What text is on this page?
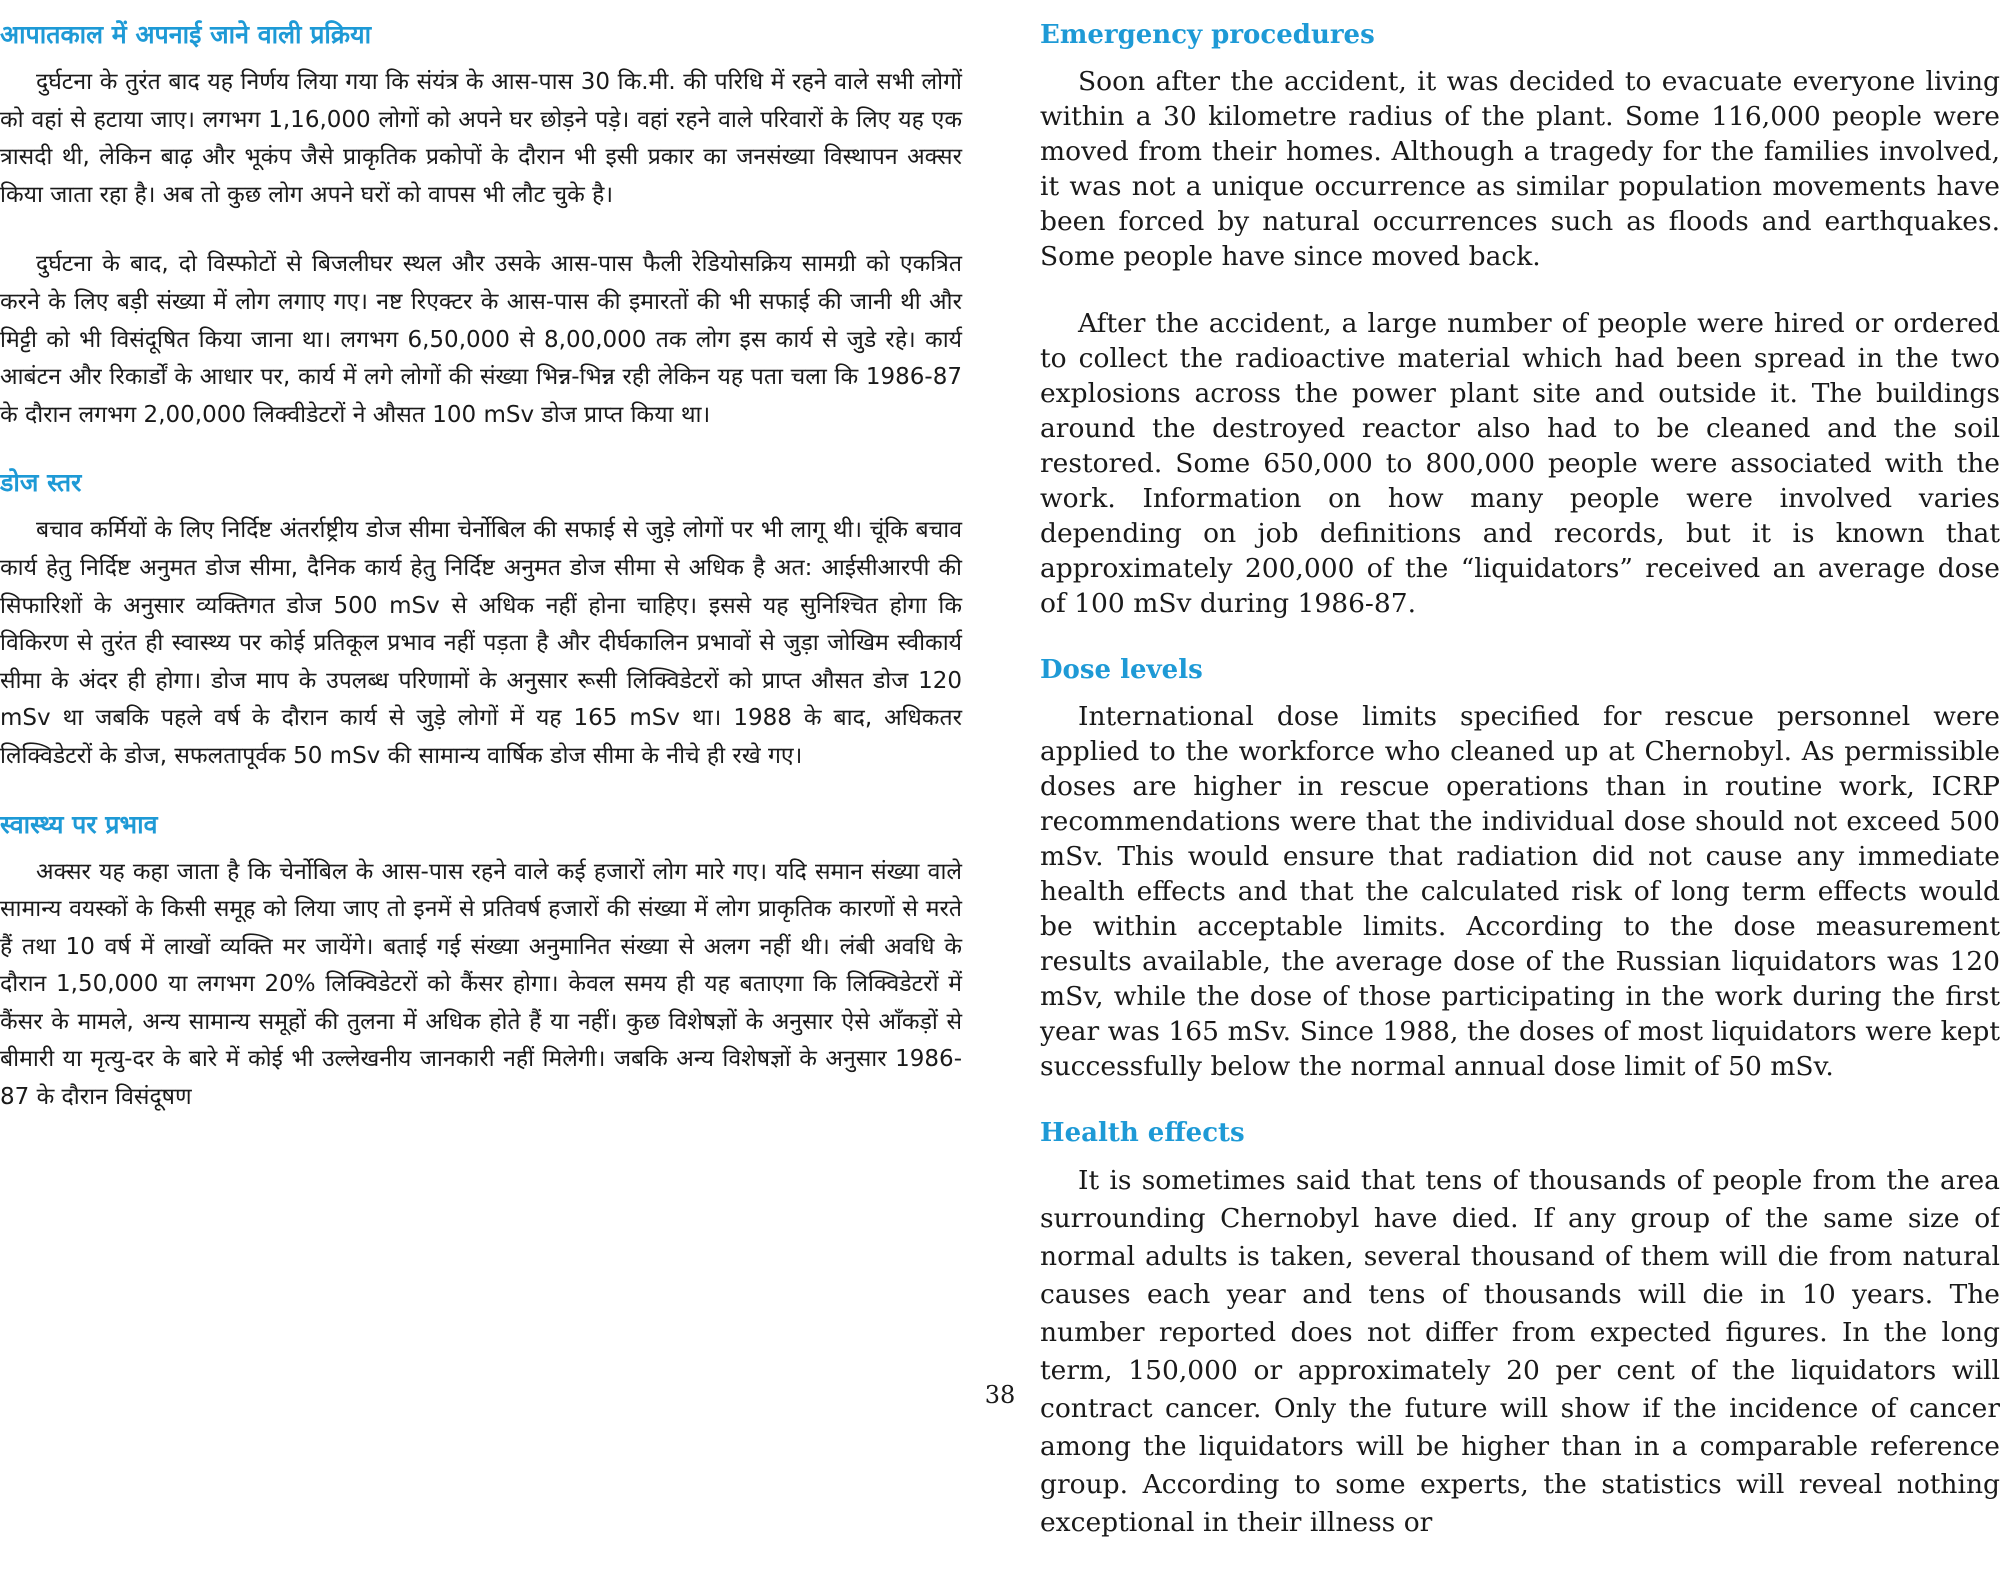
आपातकाल में अपनाई जाने वाली प्रक्रिया

दुर्घटना के तुरंत बाद यह निर्णय लिया गया कि संयंत्र के आस-पास 30 कि.मी. की परिधि में रहने वाले सभी लोगों को वहां से हटाया जाए। लगभग 1,16,000 लोगों को अपने घर छोड़ने पड़े। वहां रहने वाले परिवारों के लिए यह एक त्रासदी थी, लेकिन बाढ़ और भूकंप जैसे प्राकृतिक प्रकोपों के दौरान भी इसी प्रकार का जनसंख्या विस्थापन अक्सर किया जाता रहा है। अब तो कुछ लोग अपने घरों को वापस भी लौट चुके है।

दुर्घटना के बाद, दो विस्फोटों से बिजलीघर स्थल और उसके आस-पास फैली रेडियोसक्रिय सामग्री को एकत्रित करने के लिए बड़ी संख्या में लोग लगाए गए। नष्ट रिएक्टर के आस-पास की इमारतों की भी सफाई की जानी थी और मिट्टी को भी विसंदूषित किया जाना था। लगभग 6,50,000 से 8,00,000 तक लोग इस कार्य से जुडे रहे। कार्य आबंटन और रिकार्डों के आधार पर, कार्य में लगे लोगों की संख्या भिन्न-भिन्न रही लेकिन यह पता चला कि 1986-87 के दौरान लगभग 2,00,000 लिक्वीडेटरों ने औसत 100 mSv डोज प्राप्त किया था।

डोज स्तर

बचाव कर्मियों के लिए निर्दिष्ट अंतर्राष्ट्रीय डोज सीमा चेर्नोबिल की सफाई से जुड़े लोगों पर भी लागू थी। चूंकि बचाव कार्य हेतु निर्दिष्ट अनुमत डोज सीमा, दैनिक कार्य हेतु निर्दिष्ट अनुमत डोज सीमा से अधिक है अत: आईसीआरपी की सिफारिशों के अनुसार व्यक्तिगत डोज 500 mSv से अधिक नहीं होना चाहिए। इससे यह सुनिश्चित होगा कि विकिरण से तुरंत ही स्वास्थ्य पर कोई प्रतिकूल प्रभाव नहीं पड़ता है और दीर्घकालिन प्रभावों से जुड़ा जोखिम स्वीकार्य सीमा के अंदर ही होगा। डोज माप के उपलब्ध परिणामों के अनुसार रूसी लिक्विडेटरों को प्राप्त औसत डोज 120 mSv था जबकि पहले वर्ष के दौरान कार्य से जुड़े लोगों में यह 165 mSv था। 1988 के बाद, अधिकतर लिक्विडेटरों के डोज, सफलतापूर्वक 50 mSv की सामान्य वार्षिक डोज सीमा के नीचे ही रखे गए।

स्वास्थ्य पर प्रभाव

अक्सर यह कहा जाता है कि चेर्नोबिल के आस-पास रहने वाले कई हजारों लोग मारे गए। यदि समान संख्या वाले सामान्य वयस्कों के किसी समूह को लिया जाए तो इनमें से प्रतिवर्ष हजारों की संख्या में लोग प्राकृतिक कारणों से मरते हैं तथा 10 वर्ष में लाखों व्यक्ति मर जायेंगे। बताई गई संख्या अनुमानित संख्या से अलग नहीं थी। लंबी अवधि के दौरान 1,50,000 या लगभग 20% लिक्विडेटरों को कैंसर होगा। केवल समय ही यह बताएगा कि लिक्विडेटरों में कैंसर के मामले, अन्य सामान्य समूहों की तुलना में अधिक होते हैं या नहीं। कुछ विशेषज्ञों के अनुसार ऐसे आँकड़ों से बीमारी या मृत्यु-दर के बारे में कोई भी उल्लेखनीय जानकारी नहीं मिलेगी। जबकि अन्य विशेषज्ञों के अनुसार 1986-87 के दौरान विसंदूषण

Emergency procedures

Soon after the accident, it was decided to evacuate everyone living within a 30 kilometre radius of the plant. Some 116,000 people were moved from their homes. Although a tragedy for the families involved, it was not a unique occurrence as similar population movements have been forced by natural occurrences such as floods and earthquakes. Some people have since moved back.

After the accident, a large number of people were hired or ordered to collect the radioactive material which had been spread in the two explosions across the power plant site and outside it. The buildings around the destroyed reactor also had to be cleaned and the soil restored. Some 650,000 to 800,000 people were associated with the work. Information on how many people were involved varies depending on job definitions and records, but it is known that approximately 200,000 of the “liquidators” received an average dose of 100 mSv during 1986-87.

Dose levels

International dose limits specified for rescue personnel were applied to the workforce who cleaned up at Chernobyl. As permissible doses are higher in rescue operations than in routine work, ICRP recommendations were that the individual dose should not exceed 500 mSv. This would ensure that radiation did not cause any immediate health effects and that the calculated risk of long term effects would be within acceptable limits. According to the dose measurement results available, the average dose of the Russian liquidators was 120 mSv, while the dose of those participating in the work during the first year was 165 mSv. Since 1988, the doses of most liquidators were kept successfully below the normal annual dose limit of 50 mSv.

Health effects

It is sometimes said that tens of thousands of people from the area surrounding Chernobyl have died. If any group of the same size of normal adults is taken, several thousand of them will die from natural causes each year and tens of thousands will die in 10 years. The number reported does not differ from expected figures. In the long term, 150,000 or approximately 20 per cent of the liquidators will contract cancer. Only the future will show if the incidence of cancer among the liquidators will be higher than in a comparable reference group. According to some experts, the statistics will reveal nothing exceptional in their illness or

38
